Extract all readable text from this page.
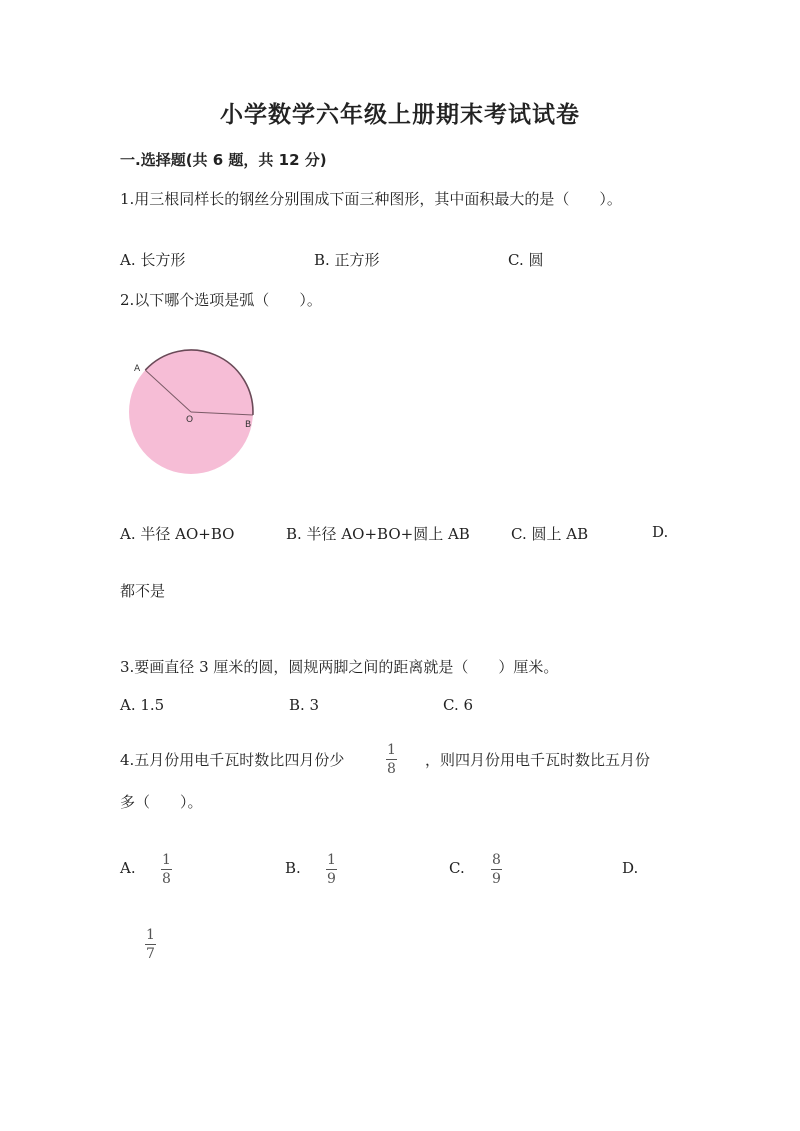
小学数学六年级上册期末考试试卷
一.选择题(共 6 题，共 12 分)
1.用三根同样长的钢丝分别围成下面三种图形，其中面积最大的是（　　）。
A. 长方形	B. 正方形	C. 圆
2.以下哪个选项是弧（　　）。
A
O	B
A. 半径 AO+BO	B. 半径 AO+BO+圆上 AB	C. 圆上 AB	D.
都不是
3.要画直径 3 厘米的圆，圆规两脚之间的距离就是（　　）厘米。
A. 1.5	B. 3	C. 6
4.五月份用电千瓦时数比四月份少
1
8 ，则四月份用电千瓦时数比五月份
多（　　）。
A. 1
8
B. 1
9
C. 8
9
D.
1
7
